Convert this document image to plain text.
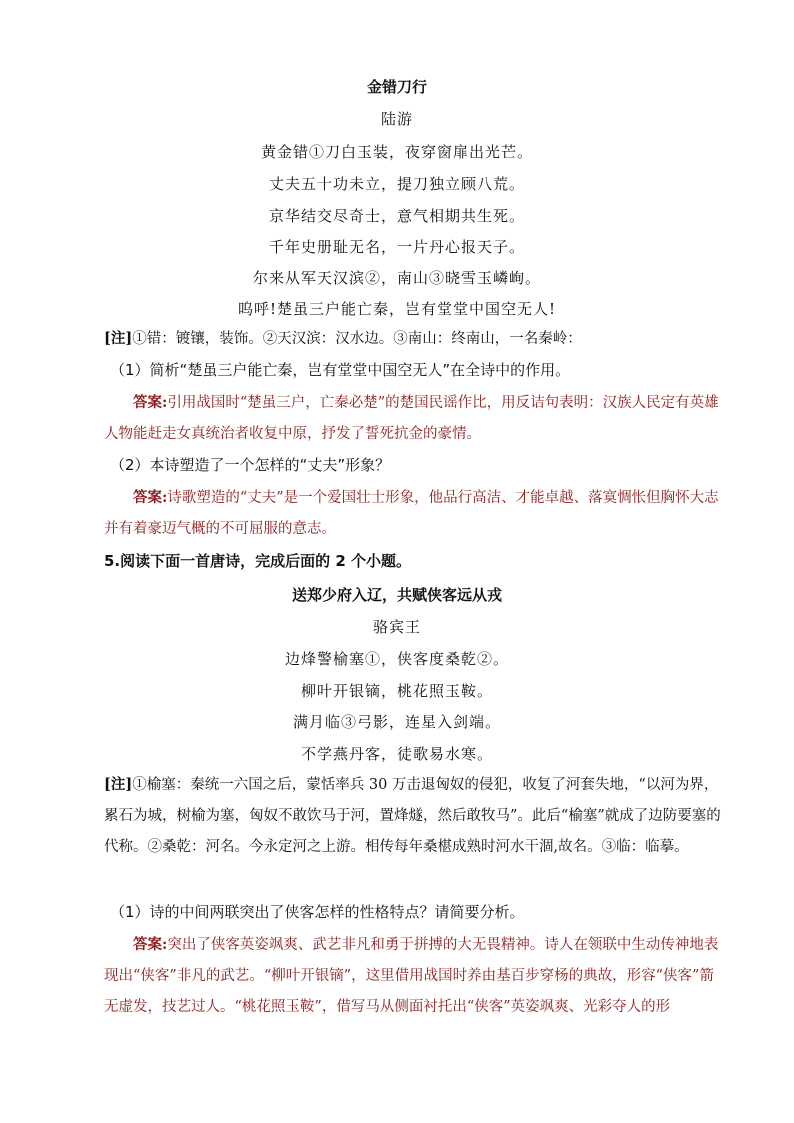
金错刀行
陆游
黄金错①刀白玉装，夜穿窗扉出光芒。
丈夫五十功未立，提刀独立顾八荒。
京华结交尽奇士，意气相期共生死。
千年史册耻无名，一片丹心报天子。
尔来从军天汉滨②，南山③晓雪玉嶙峋。
呜呼!楚虽三户能亡秦，岂有堂堂中国空无人!
[注]①错：镀镶，装饰。②天汉滨：汉水边。③南山：终南山，一名秦岭：
（1）简析“楚虽三户能亡秦，岂有堂堂中国空无人”在全诗中的作用。
答案:引用战国时“楚虽三户，亡秦必楚”的楚国民谣作比，用反诘句表明：汉族人民定有英雄人物能赶走女真统治者收复中原，抒发了誓死抗金的豪情。
（2）本诗塑造了一个怎样的“丈夫”形象？
答案:诗歌塑造的“丈夫”是一个爱国壮士形象，他品行高洁、才能卓越、落寞惆怅但胸怀大志并有着豪迈气概的不可屈服的意志。
5.阅读下面一首唐诗，完成后面的 2 个小题。
送郑少府入辽，共赋侠客远从戎
骆宾王
边烽警榆塞①，侠客度桑乾②。
柳叶开银镝，桃花照玉鞍。
满月临③弓影，连星入剑端。
不学燕丹客，徒歌易水寒。
[注]①榆塞：秦统一六国之后，蒙恬率兵 30 万击退匈奴的侵犯，收复了河套失地，“以河为界，累石为城，树榆为塞，匈奴不敢饮马于河，置烽燧，然后敢牧马”。此后“榆塞”就成了边防要塞的代称。②桑乾：河名。今永定河之上游。相传每年桑椹成熟时河水干涸,故名。③临：临摹。
（1）诗的中间两联突出了侠客怎样的性格特点？请简要分析。
答案:突出了侠客英姿飒爽、武艺非凡和勇于拼搏的大无畏精神。诗人在领联中生动传神地表现出“侠客”非凡的武艺。“柳叶开银镝”，这里借用战国时养由基百步穿杨的典故，形容“侠客”箭无虚发，技艺过人。“桃花照玉鞍”，借写马从侧面衬托出“侠客”英姿飒爽、光彩夺人的形
